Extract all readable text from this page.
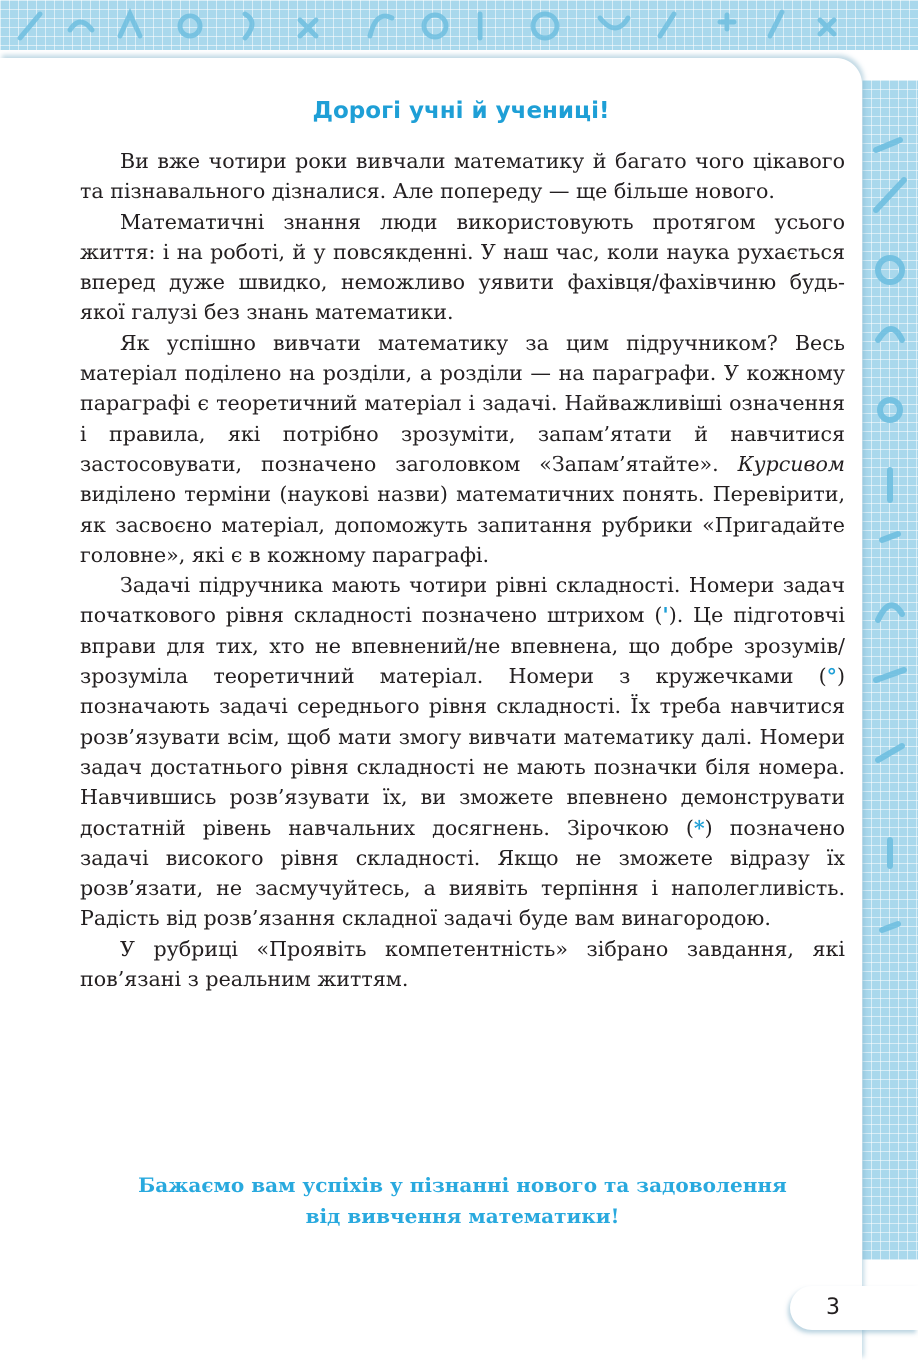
Дорогі учні й учениці!

Ви вже чотири роки вивчали математику й багато чого цікавого та пізнавального дізналися. Але попереду — ще більше нового.

Математичні знання люди використовують протягом усього життя: і на роботі, й у повсякденні. У наш час, коли наука рухається вперед дуже швидко, неможливо уявити фахівця/фахівчиню будь-якої галузі без знань математики.

Як успішно вивчати математику за цим підручником? Весь матеріал поділено на розділи, а розділи — на параграфи. У кожному параграфі є теоретичний матеріал і задачі. Найважливіші означення і правила, які потрібно зрозуміти, запам’ятати й навчитися застосовувати, позначено заголовком «Запам’ятайте». Курсивом виділено терміни (наукові назви) математичних понять. Перевірити, як засвоєно матеріал, допоможуть запитання рубрики «Пригадайте головне», які є в кожному параграфі.

Задачі підручника мають чотири рівні складності. Номери задач початкового рівня складності позначено штрихом ('). Це підготовчі вправи для тих, хто не впевнений/не впевнена, що добре зрозумів/зрозуміла теоретичний матеріал. Номери з кружечками (°) позначають задачі середнього рівня складності. Їх треба навчитися розв’язувати всім, щоб мати змогу вивчати математику далі. Номери задач достатнього рівня складності не мають позначки біля номера. Навчившись розв’язувати їх, ви зможете впевнено демонструвати достатній рівень навчальних досягнень. Зірочкою (*) позначено задачі високого рівня складності. Якщо не зможете відразу їх розв’язати, не засмучуйтесь, а виявіть терпіння і наполегливість. Радість від розв’язання складної задачі буде вам винагородою.

У рубриці «Проявіть компетентність» зібрано завдання, які пов’язані з реальним життям.

Бажаємо вам успіхів у пізнанні нового та задоволення
від вивчення математики!
3
